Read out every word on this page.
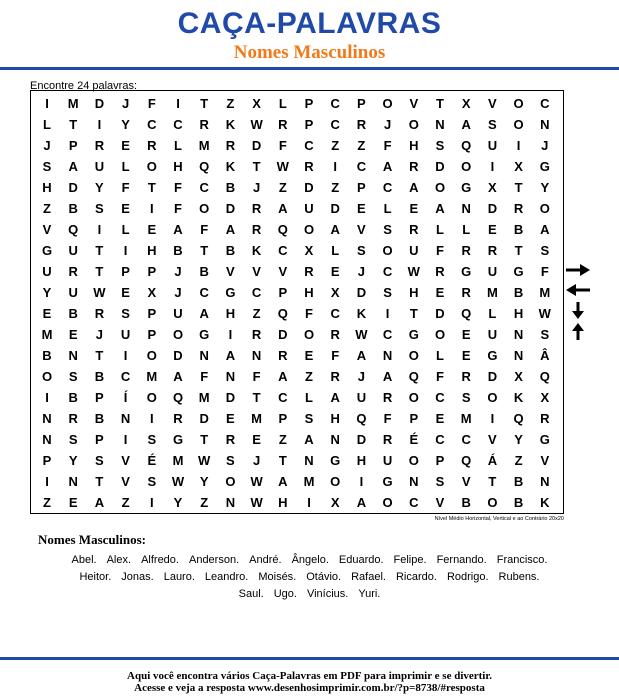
CAÇA-PALAVRAS
Nomes Masculinos
Encontre 24 palavras:
I	M	D	J	F	I	T	Z	X	L	P	C	P	O	V	T	X	V	O	C
L	T	I	Y	C	C	R	K	W	R	P	C	R	J	O	N	A	S	O	N
J	P	R	E	R	L	M	R	D	F	C	Z	Z	F	H	S	Q	U	I	J
S	A	U	L	O	H	Q	K	T	W	R	I	C	A	R	D	O	I	X	G
H	D	Y	F	T	F	C	B	J	Z	D	Z	P	C	A	O	G	X	T	Y
Z	B	S	E	I	F	O	D	R	A	U	D	E	L	E	A	N	D	R	O
V	Q	I	L	E	A	F	A	R	Q	O	A	V	S	R	L	L	E	B	A
G	U	T	I	H	B	T	B	K	C	X	L	S	O	U	F	R	R	T	S
U	R	T	P	P	J	B	V	V	V	R	E	J	C	W	R	G	U	G	F
Y	U	W	E	X	J	C	G	C	P	H	X	D	S	H	E	R	M	B	M
E	B	R	S	P	U	A	H	Z	Q	F	C	K	I	T	D	Q	L	H	W
M	E	J	U	P	O	G	I	R	D	O	R	W	C	G	O	E	U	N	S
B	N	T	I	O	D	N	A	N	R	E	F	A	N	O	L	E	G	N	Â
O	S	B	C	M	A	F	N	F	A	Z	R	J	A	Q	F	R	D	X	Q
I	B	P	Í	O	Q	M	D	T	C	L	A	U	R	O	C	S	O	K	X
N	R	B	N	I	R	D	E	M	P	S	H	Q	F	P	E	M	I	Q	R
N	S	P	I	S	G	T	R	E	Z	A	N	D	R	É	C	C	V	Y	G
P	Y	S	V	É	M	W	S	J	T	N	G	H	U	O	P	Q	Á	Z	V
I	N	T	V	S	W	Y	O	W	A	M	O	I	G	N	S	V	T	B	N
Z	E	A	Z	I	Y	Z	N	W	H	I	X	A	O	C	V	B	O	B	K
Nível Médio Horizontal, Vertical e ao Contrário 20x20
Nomes Masculinos:
Abel. Alex. Alfredo. Anderson. André. Ângelo. Eduardo. Felipe. Fernando. Francisco.
Heitor. Jonas. Lauro. Leandro. Moisés. Otávio. Rafael. Ricardo. Rodrigo. Rubens.
Saul. Ugo. Vinícius. Yuri.
Aqui você encontra vários Caça-Palavras em PDF para imprimir e se divertir.
Acesse e veja a resposta www.desenhosimprimir.com.br/?p=8738/#resposta
